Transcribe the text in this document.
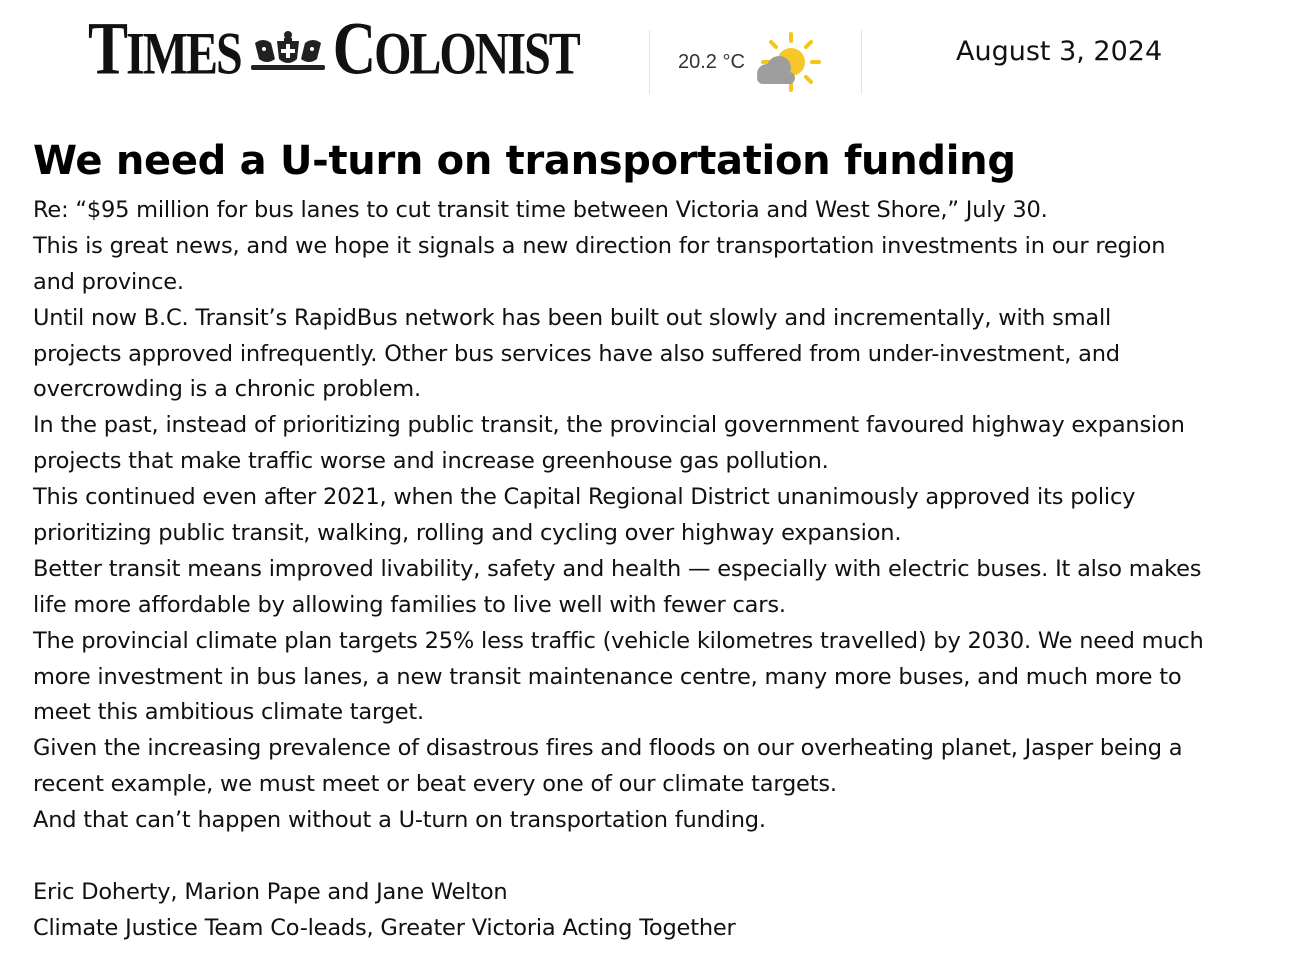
TIMES COLONIST	20.2 °C	August 3, 2024
We need a U-turn on transportation funding
Re: “$95 million for bus lanes to cut transit time between Victoria and West Shore,” July 30.
This is great news, and we hope it signals a new direction for transportation investments in our region
and province.
Until now B.C. Transit’s RapidBus network has been built out slowly and incrementally, with small
projects approved infrequently. Other bus services have also suffered from under-investment, and
overcrowding is a chronic problem.
In the past, instead of prioritizing public transit, the provincial government favoured highway expansion
projects that make traffic worse and increase greenhouse gas pollution.
This continued even after 2021, when the Capital Regional District unanimously approved its policy
prioritizing public transit, walking, rolling and cycling over highway expansion.
Better transit means improved livability, safety and health — especially with electric buses. It also makes
life more affordable by allowing families to live well with fewer cars.
The provincial climate plan targets 25% less traffic (vehicle kilometres travelled) by 2030. We need much
more investment in bus lanes, a new transit maintenance centre, many more buses, and much more to
meet this ambitious climate target.
Given the increasing prevalence of disastrous fires and floods on our overheating planet, Jasper being a
recent example, we must meet or beat every one of our climate targets.
And that can’t happen without a U-turn on transportation funding.
Eric Doherty, Marion Pape and Jane Welton
Climate Justice Team Co-leads, Greater Victoria Acting Together
